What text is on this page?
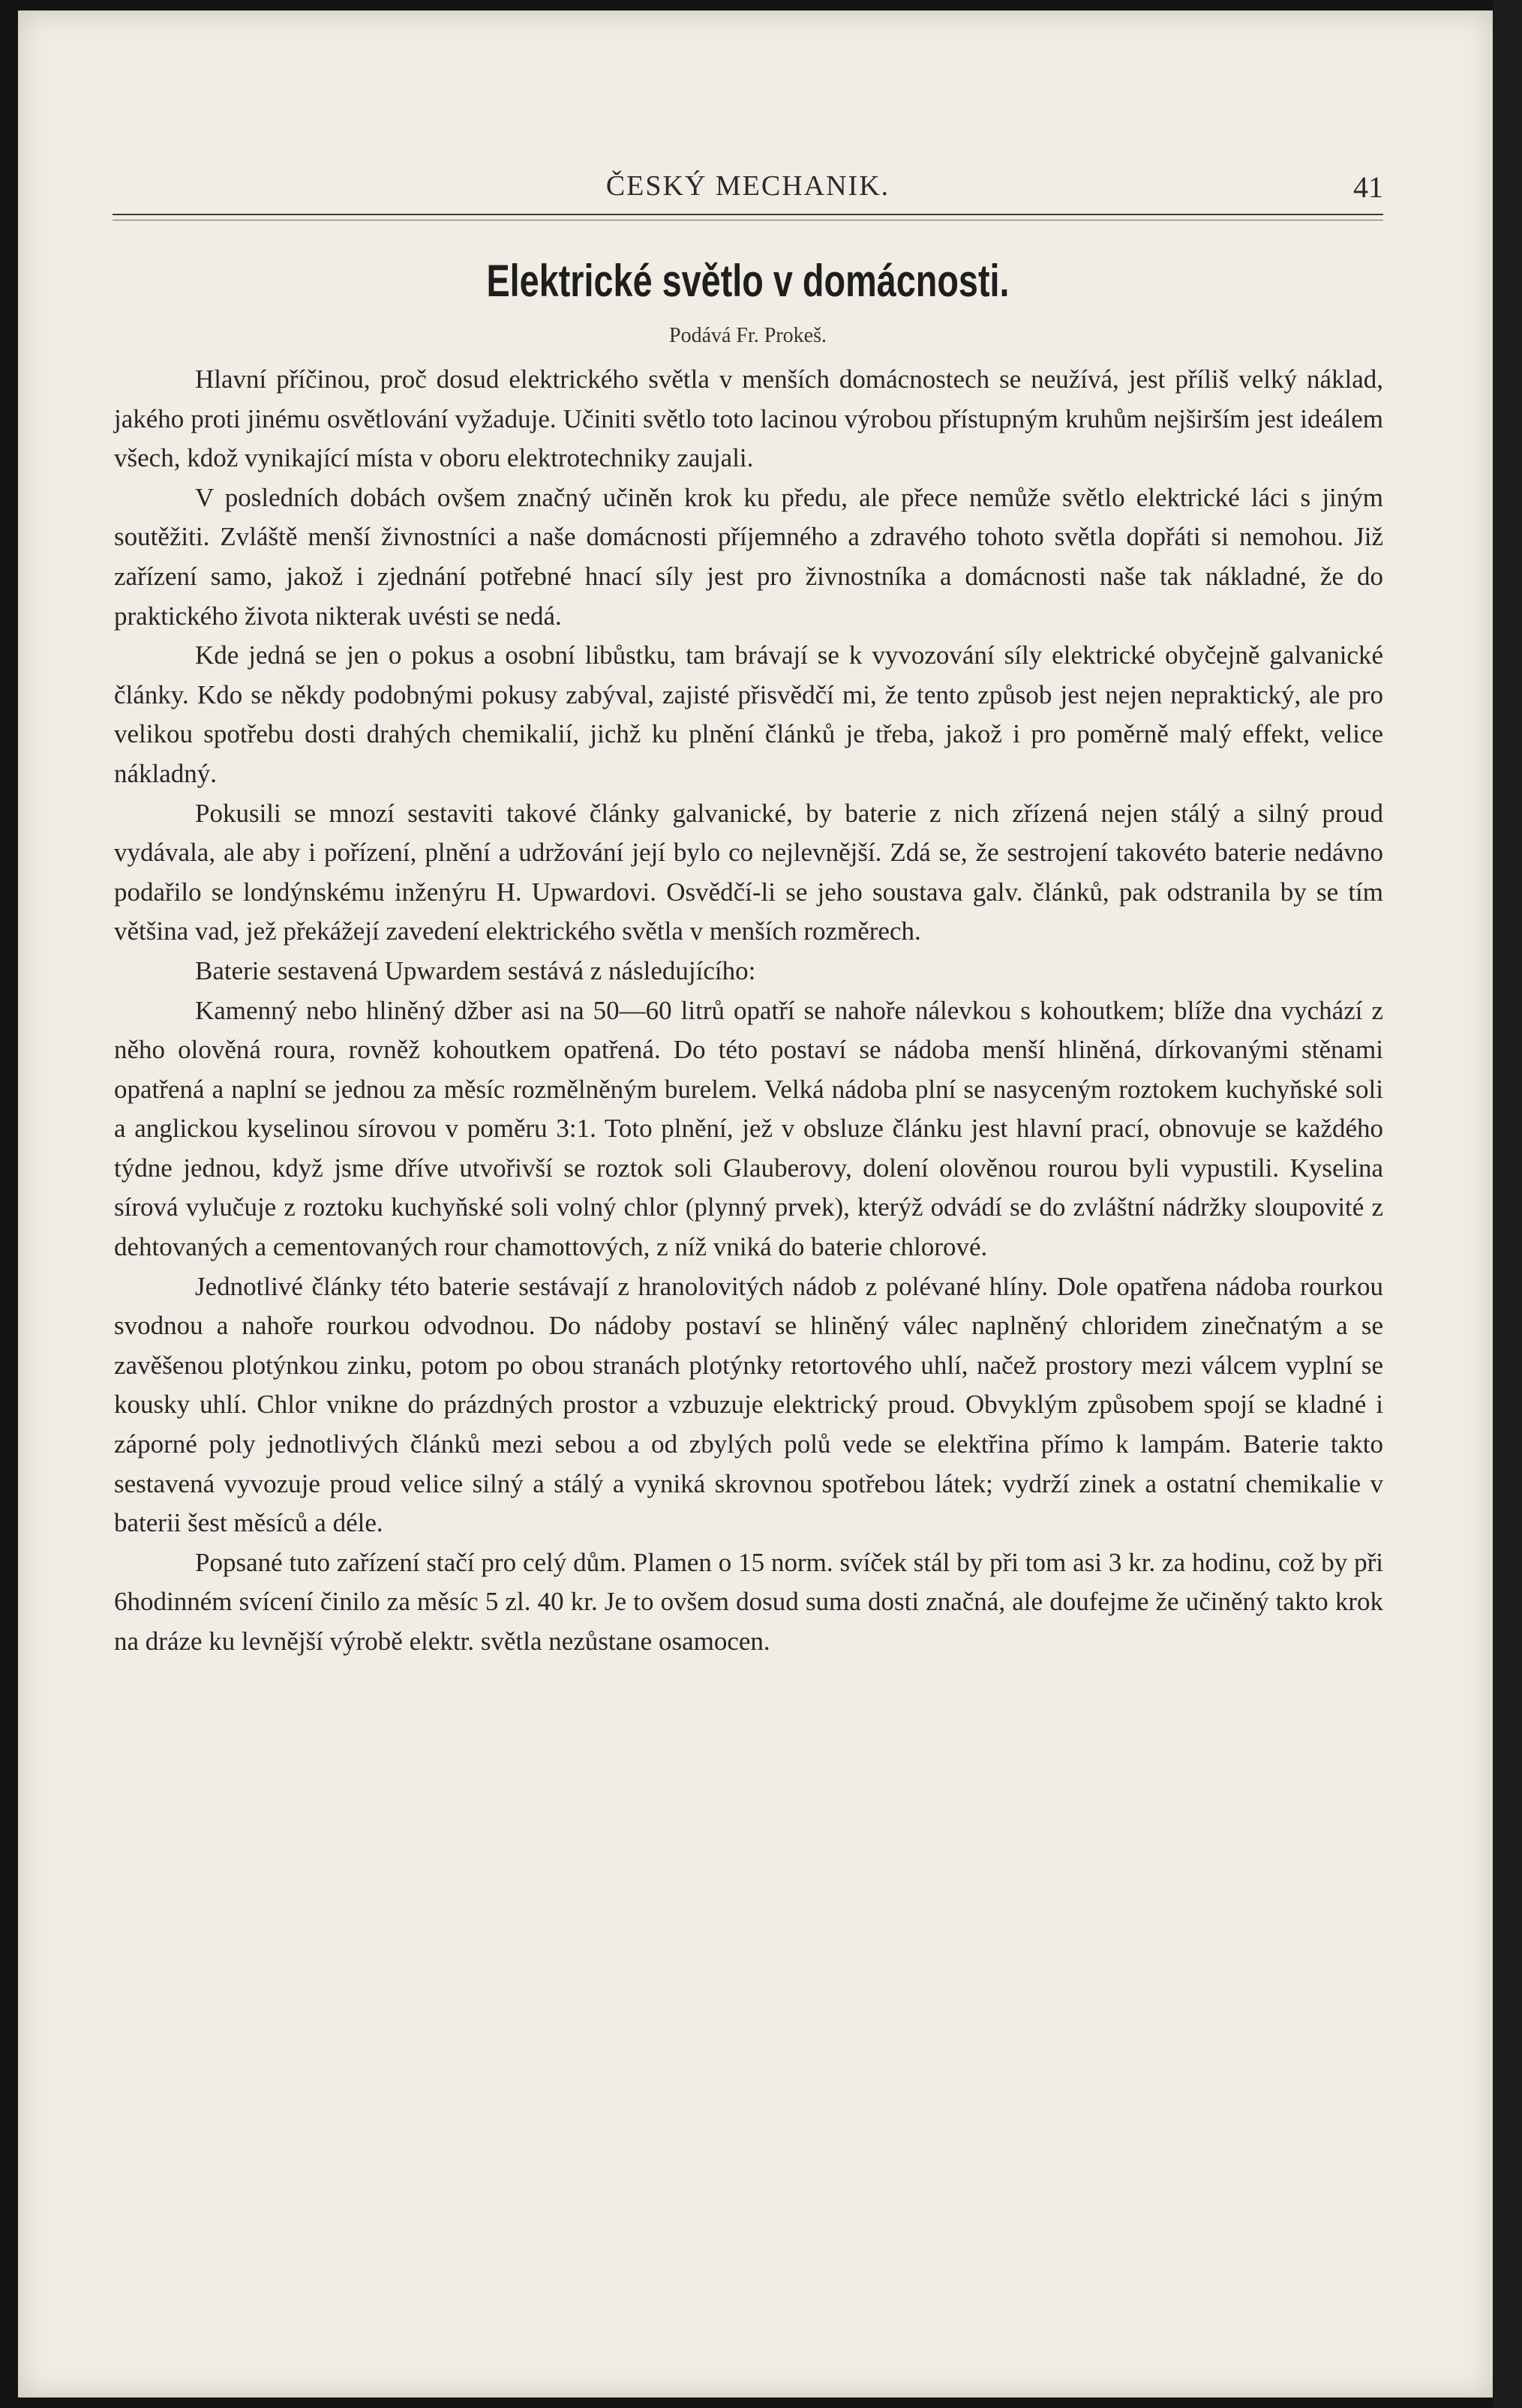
ČESKÝ MECHANIK.	41
Elektrické světlo v domácnosti.
Podává Fr. Prokeš.

Hlavní příčinou, proč dosud elektrického světla v menších domácnostech se neužívá, jest příliš velký náklad, jakého proti jinému osvětlování vyžaduje. Učiniti světlo toto lacinou výrobou přístupným kruhům nejširším jest ideálem všech, kdož vynikající místa v oboru elektrotechniky zaujali.

V posledních dobách ovšem značný učiněn krok ku předu, ale přece nemůže světlo elektrické láci s jiným soutěžiti. Zvláště menší živnostníci a naše domácnosti příjemného a zdravého tohoto světla dopřáti si nemohou. Již zařízení samo, jakož i zjednání potřebné hnací síly jest pro živnostníka a domácnosti naše tak nákladné, že do praktického života nikterak uvésti se nedá.

Kde jedná se jen o pokus a osobní libůstku, tam brávají se k vyvozování síly elektrické obyčejně galvanické články. Kdo se někdy podobnými pokusy zabýval, zajisté přisvědčí mi, že tento způsob jest nejen nepraktický, ale pro velikou spotřebu dosti drahých chemikalií, jichž ku plnění článků je třeba, jakož i pro poměrně malý effekt, velice nákladný.

Pokusili se mnozí sestaviti takové články galvanické, by baterie z nich zřízená nejen stálý a silný proud vydávala, ale aby i pořízení, plnění a udržování její bylo co nejlevnější. Zdá se, že sestrojení takovéto baterie nedávno podařilo se londýnskému inženýru H. Upwardovi. Osvědčí-li se jeho soustava galv. článků, pak odstranila by se tím většina vad, jež překážejí zavedení elektrického světla v menších rozměrech.

Baterie sestavená Upwardem sestává z následujícího:

Kamenný nebo hliněný džber asi na 50—60 litrů opatří se nahoře nálevkou s kohoutkem; blíže dna vychází z něho olověná roura, rovněž kohoutkem opatřená. Do této postaví se nádoba menší hliněná, dírkovanými stěnami opatřená a naplní se jednou za měsíc rozmělněným burelem. Velká nádoba plní se nasyceným roztokem kuchyňské soli a anglickou kyselinou sírovou v poměru 3:1. Toto plnění, jež v obsluze článku jest hlavní prací, obnovuje se každého týdne jednou, když jsme dříve utvořivší se roztok soli Glauberovy, dolení olověnou rourou byli vypustili. Kyselina sírová vylučuje z roztoku kuchyňské soli volný chlor (plynný prvek), kterýž odvádí se do zvláštní nádržky sloupovité z dehtovaných a cementovaných rour chamottových, z níž vniká do baterie chlorové.

Jednotlivé články této baterie sestávají z hranolovitých nádob z polévané hlíny. Dole opatřena nádoba rourkou svodnou a nahoře rourkou odvodnou. Do nádoby postaví se hliněný válec naplněný chloridem zinečnatým a se zavěšenou plotýnkou zinku, potom po obou stranách plotýnky retortového uhlí, načež prostory mezi válcem vyplní se kousky uhlí. Chlor vnikne do prázdných prostor a vzbuzuje elektrický proud. Obvyklým způsobem spojí se kladné i záporné poly jednotlivých článků mezi sebou a od zbylých polů vede se elektřina přímo k lampám. Baterie takto sestavená vyvozuje proud velice silný a stálý a vyniká skrovnou spotřebou látek; vydrží zinek a ostatní chemikalie v baterii šest měsíců a déle.

Popsané tuto zařízení stačí pro celý dům. Plamen o 15 norm. svíček stál by při tom asi 3 kr. za hodinu, což by při 6hodinném svícení činilo za měsíc 5 zl. 40 kr. Je to ovšem dosud suma dosti značná, ale doufejme že učiněný takto krok na dráze ku levnější výrobě elektr. světla nezůstane osamocen.
